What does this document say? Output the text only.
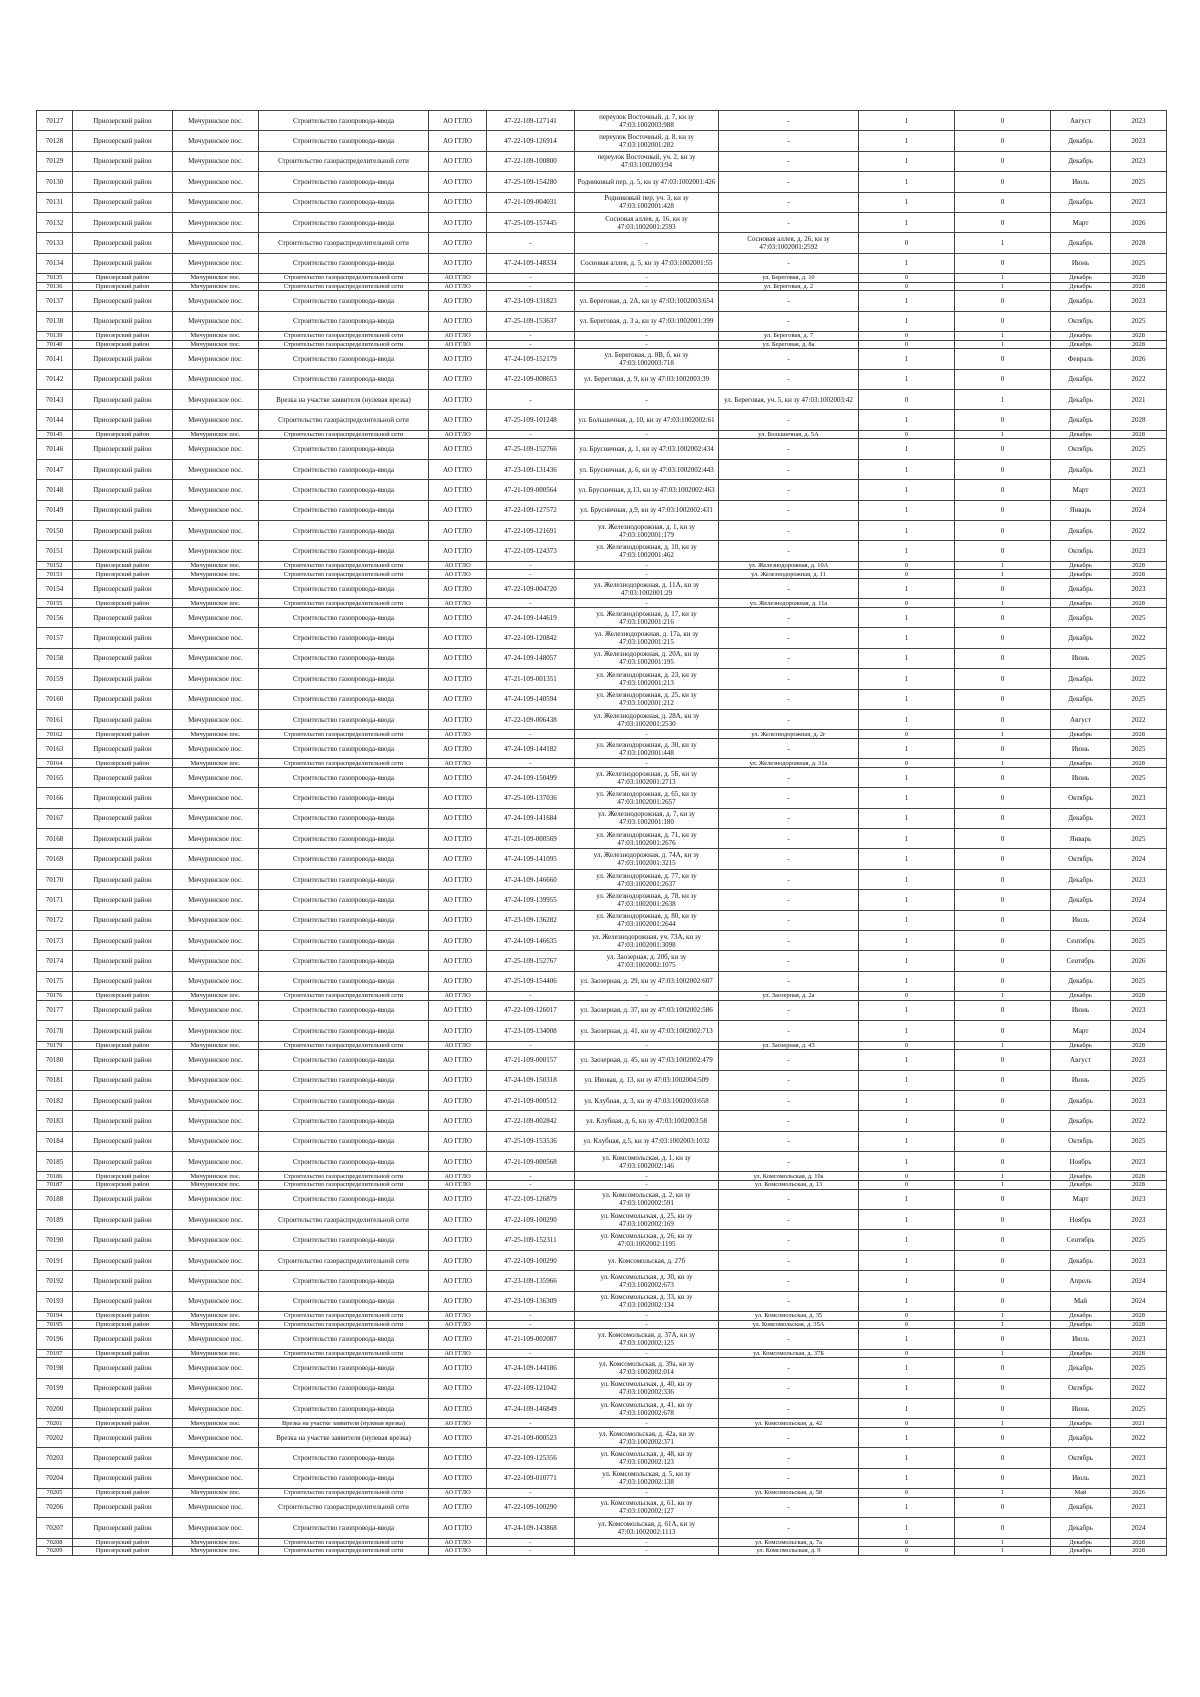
70127	Приозерский район	Мичуринское пос.	Строительство газопровода-ввода	АО ГГЛО	47-22-109-127141	переулок Восточный, д. 7, кн зу 47:03:1002003:988	-	1	0	Август	2023
70128	Приозерский район	Мичуринское пос.	Строительство газопровода-ввода	АО ГГЛО	47-22-109-126914	переулок Восточный, д. 8, кн зу 47:03:1002001:282	-	1	0	Декабрь	2023
70129	Приозерский район	Мичуринское пос.	Строительство газораспределительной сети	АО ГГЛО	47-22-109-100800	переулок Восточный, уч. 2, кн зу 47:03:1002003:94	-	1	0	Декабрь	2023
70130	Приозерский район	Мичуринское пос.	Строительство газопровода-ввода	АО ГГЛО	47-25-109-154280	Родниковый пер, д. 5, кн зу 47:03:1002001:426	-	1	0	Июль	2025
70131	Приозерский район	Мичуринское пос.	Строительство газопровода-ввода	АО ГГЛО	47-21-109-004031	Родниковый пер, уч. 3, кн зу 47:03:1002001:428	-	1	0	Декабрь	2023
70132	Приозерский район	Мичуринское пос.	Строительство газопровода-ввода	АО ГГЛО	47-25-109-157445	Сосновая аллея, д. 16, кн зу 47:03:1002001:2593	-	1	0	Март	2026
70133	Приозерский район	Мичуринское пос.	Строительство газораспределительной сети	АО ГГЛО	-	-	Сосновая аллея, д. 26, кн зу 47:03:1002001:2592	0	1	Декабрь	2028
70134	Приозерский район	Мичуринское пос.	Строительство газопровода-ввода	АО ГГЛО	47-24-109-148334	Сосновая аллея, д. 5, кн зу 47:03:1002001:55	-	1	0	Июнь	2025
70135	Приозерский район	Мичуринское пос.	Строительство газораспределительной сети	АО ГГЛО	-	-	ул. Береговая, д. 10	0	1	Декабрь	2028
70136	Приозерский район	Мичуринское пос.	Строительство газораспределительной сети	АО ГГЛО	-	-	ул. Береговая, д. 2	0	1	Декабрь	2028
70137	Приозерский район	Мичуринское пос.	Строительство газопровода-ввода	АО ГГЛО	47-23-109-131823	ул. Береговая, д. 2А, кн зу 47:03:1002003:654	-	1	0	Декабрь	2023
70138	Приозерский район	Мичуринское пос.	Строительство газопровода-ввода	АО ГГЛО	47-25-109-153637	ул. Береговая, д. 3 а, кн зу 47:03:1002001:399	-	1	0	Октябрь	2025
70139	Приозерский район	Мичуринское пос.	Строительство газораспределительной сети	АО ГГЛО	-	-	ул. Береговая, д. 7	0	1	Декабрь	2028
70140	Приозерский район	Мичуринское пос.	Строительство газораспределительной сети	АО ГГЛО	-	-	ул. Береговая, д. 8а	0	1	Декабрь	2028
70141	Приозерский район	Мичуринское пос.	Строительство газопровода-ввода	АО ГГЛО	47-24-109-152179	ул. Береговая, д. 8В, б, кн зу 47:03:1002003:718	-	1	0	Февраль	2026
70142	Приозерский район	Мичуринское пос.	Строительство газопровода-ввода	АО ГГЛО	47-22-109-008653	ул. Береговая, д. 9, кн зу 47:03:1002003:39	-	1	0	Декабрь	2022
70143	Приозерский район	Мичуринское пос.	Врезка на участке заявителя (нулевая врезка)	АО ГГЛО	-	-	ул. Береговая, уч. 5, кн зу 47:03:1002003:42	0	1	Декабрь	2021
70144	Приозерский район	Мичуринское пос.	Строительство газораспределительной сети	АО ГГЛО	47-25-109-101248	ул. Большичная, д. 10, кн зу 47:03:1002002:61	-	1	0	Декабрь	2028
70145	Приозерский район	Мичуринское пос.	Строительство газораспределительной сети	АО ГГЛО	-	-	ул. Большичная, д. 5А	0	1	Декабрь	2028
70146	Приозерский район	Мичуринское пос.	Строительство газопровода-ввода	АО ГГЛО	47-25-109-152766	ул. Брусничная, д. 1, кн зу 47:03:1002002:434	-	1	0	Октябрь	2025
70147	Приозерский район	Мичуринское пос.	Строительство газопровода-ввода	АО ГГЛО	47-23-109-131436	ул. Брусничная, д. 6, кн зу 47:03:1002002:443	-	1	0	Декабрь	2023
70148	Приозерский район	Мичуринское пос.	Строительство газопровода-ввода	АО ГГЛО	47-21-109-000564	ул. Брусничная, д.13, кн зу 47:03:1002002:463	-	1	0	Март	2023
70149	Приозерский район	Мичуринское пос.	Строительство газопровода-ввода	АО ГГЛО	47-22-109-127572	ул. Брусничная, д.9, кн зу 47:03:1002002:431	-	1	0	Январь	2024
70150	Приозерский район	Мичуринское пос.	Строительство газопровода-ввода	АО ГГЛО	47-22-109-121691	ул. Железнодорожная, д. 1, кн зу 47:03:1002001:179	-	1	0	Декабрь	2022
70151	Приозерский район	Мичуринское пос.	Строительство газопровода-ввода	АО ГГЛО	47-22-109-124373	ул. Железнодорожная, д. 10, кн зу 47:03:1002001:462	-	1	0	Октябрь	2023
70152	Приозерский район	Мичуринское пос.	Строительство газораспределительной сети	АО ГГЛО	-	-	ул. Железнодорожная, д. 10А	0	1	Декабрь	2028
70153	Приозерский район	Мичуринское пос.	Строительство газораспределительной сети	АО ГГЛО	-	-	ул. Железнодорожная, д. 11	0	1	Декабрь	2028
70154	Приозерский район	Мичуринское пос.	Строительство газопровода-ввода	АО ГГЛО	47-22-109-004720	ул. Железнодорожная, д. 11А, кн зу 47:03:1002001:29	-	1	0	Декабрь	2023
70155	Приозерский район	Мичуринское пос.	Строительство газораспределительной сети	АО ГГЛО	-	-	ул. Железнодорожная, д. 11а	0	1	Декабрь	2028
70156	Приозерский район	Мичуринское пос.	Строительство газопровода-ввода	АО ГГЛО	47-24-109-144619	ул. Железнодорожная, д. 17, кн зу 47:03:1002001:216	-	1	0	Декабрь	2025
70157	Приозерский район	Мичуринское пос.	Строительство газопровода-ввода	АО ГГЛО	47-22-109-120842	ул. Железнодорожная, д. 17а, кн зу 47:03:1002001:215	-	1	0	Декабрь	2022
70158	Приозерский район	Мичуринское пос.	Строительство газопровода-ввода	АО ГГЛО	47-24-109-148057	ул. Железнодорожная, д. 20А, кн зу 47:03:1002001:195	-	1	0	Июнь	2025
70159	Приозерский район	Мичуринское пос.	Строительство газопровода-ввода	АО ГГЛО	47-21-109-001351	ул. Железнодорожная, д. 23, кн зу 47:03:1002001:213	-	1	0	Декабрь	2022
70160	Приозерский район	Мичуринское пос.	Строительство газопровода-ввода	АО ГГЛО	47-24-109-140594	ул. Железнодорожная, д. 25, кн зу 47:03:1002001:212	-	1	0	Декабрь	2025
70161	Приозерский район	Мичуринское пос.	Строительство газопровода-ввода	АО ГГЛО	47-22-109-006438	ул. Железнодорожная, д. 28А, кн зу 47:03:1002001:2530	-	1	0	Август	2022
70162	Приозерский район	Мичуринское пос.	Строительство газораспределительной сети	АО ГГЛО	-	-	ул. Железнодорожная, д. 2г	0	1	Декабрь	2028
70163	Приозерский район	Мичуринское пос.	Строительство газопровода-ввода	АО ГГЛО	47-24-109-144182	ул. Железнодорожная, д. 30, кн зу 47:03:1002001:448	-	1	0	Июнь	2025
70164	Приозерский район	Мичуринское пос.	Строительство газораспределительной сети	АО ГГЛО	-	-	ул. Железнодорожная, д. 31а	0	1	Декабрь	2028
70165	Приозерский район	Мичуринское пос.	Строительство газопровода-ввода	АО ГГЛО	47-24-109-150499	ул. Железнодорожная, д. 5Б, кн зу 47:03:1002001:2713	-	1	0	Июнь	2025
70166	Приозерский район	Мичуринское пос.	Строительство газопровода-ввода	АО ГГЛО	47-25-109-137036	ул. Железнодорожная, д. 65, кн зу 47:03:1002001:2657	-	1	0	Октябрь	2023
70167	Приозерский район	Мичуринское пос.	Строительство газопровода-ввода	АО ГГЛО	47-24-109-141684	ул. Железнодорожная, д. 7, кн зу 47:03:1002001:180	-	1	0	Декабрь	2023
70168	Приозерский район	Мичуринское пос.	Строительство газопровода-ввода	АО ГГЛО	47-21-109-000569	ул. Железнодорожная, д. 71, кн зу 47:03:1002001:2676	-	1	0	Январь	2025
70169	Приозерский район	Мичуринское пос.	Строительство газопровода-ввода	АО ГГЛО	47-24-109-141095	ул. Железнодорожная, д. 74А, кн зу 47:03:1002001:3215	-	1	0	Октябрь	2024
70170	Приозерский район	Мичуринское пос.	Строительство газопровода-ввода	АО ГГЛО	47-24-109-146660	ул. Железнодорожная, д. 77, кн зу 47:03:1002001:2637	-	1	0	Декабрь	2023
70171	Приозерский район	Мичуринское пос.	Строительство газопровода-ввода	АО ГГЛО	47-24-109-139955	ул. Железнодорожная, д. 78, кн зу 47:03:1002001:2638	-	1	0	Декабрь	2024
70172	Приозерский район	Мичуринское пос.	Строительство газопровода-ввода	АО ГГЛО	47-23-109-136282	ул. Железнодорожная, д. 80, кн зу 47:03:1002001:2644	-	1	0	Июль	2024
70173	Приозерский район	Мичуринское пос.	Строительство газопровода-ввода	АО ГГЛО	47-24-109-146635	ул. Железнодорожная, уч. 73А, кн зу 47:03:1002001:3098	-	1	0	Сентябрь	2025
70174	Приозерский район	Мичуринское пос.	Строительство газопровода-ввода	АО ГГЛО	47-25-109-152767	ул. Заозерная, д. 20б, кн зу 47:03:1002002:1075	-	1	0	Сентябрь	2026
70175	Приозерский район	Мичуринское пос.	Строительство газопровода-ввода	АО ГГЛО	47-25-109-154406	ул. Заозерная, д. 29, кн зу 47:03:1002002:607	-	1	0	Декабрь	2025
70176	Приозерский район	Мичуринское пос.	Строительство газораспределительной сети	АО ГГЛО	-	-	ул. Заозерная, д. 2а	0	1	Декабрь	2028
70177	Приозерский район	Мичуринское пос.	Строительство газопровода-ввода	АО ГГЛО	47-22-109-126017	ул. Заозерная, д. 37, кн зу 47:03:1002002:586	-	1	0	Июнь	2023
70178	Приозерский район	Мичуринское пос.	Строительство газопровода-ввода	АО ГГЛО	47-23-109-134008	ул. Заозерная, д. 41, кн зу 47:03:1002002:713	-	1	0	Март	2024
70179	Приозерский район	Мичуринское пос.	Строительство газораспределительной сети	АО ГГЛО	-	-	ул. Заозерная, д. 43	0	1	Декабрь	2028
70180	Приозерский район	Мичуринское пос.	Строительство газопровода-ввода	АО ГГЛО	47-21-109-000157	ул. Заозерная, д. 45, кн зу 47:03:1002002:479	-	1	0	Август	2023
70181	Приозерский район	Мичуринское пос.	Строительство газопровода-ввода	АО ГГЛО	47-24-109-150318	ул. Ивовая, д. 13, кн зу 47:03:1002004:509	-	1	0	Июнь	2025
70182	Приозерский район	Мичуринское пос.	Строительство газопровода-ввода	АО ГГЛО	47-21-109-000512	ул. Клубная, д. 3, кн зу 47:03:1002003:658	-	1	0	Декабрь	2023
70183	Приозерский район	Мичуринское пос.	Строительство газопровода-ввода	АО ГГЛО	47-22-109-002842	ул. Клубная, д. 6, кн зу 47:03:1002003:58	-	1	0	Декабрь	2022
70184	Приозерский район	Мичуринское пос.	Строительство газопровода-ввода	АО ГГЛО	47-25-109-153536	ул. Клубная, д.5, кн зу 47:03:1002003:1032	-	1	0	Октябрь	2025
70185	Приозерский район	Мичуринское пос.	Строительство газопровода-ввода	АО ГГЛО	47-21-109-000568	ул. Комсомольская, д. 1, кн зу 47:03:1002002:146	-	1	0	Ноябрь	2023
70186	Приозерский район	Мичуринское пос.	Строительство газораспределительной сети	АО ГГЛО	-	-	ул. Комсомольская, д. 10а	0	1	Декабрь	2028
70187	Приозерский район	Мичуринское пос.	Строительство газораспределительной сети	АО ГГЛО	-	-	ул. Комсомольская, д. 13	0	1	Декабрь	2028
70188	Приозерский район	Мичуринское пос.	Строительство газопровода-ввода	АО ГГЛО	47-22-109-126879	ул. Комсомольская, д. 2, кн зу 47:03:1002002:591	-	1	0	Март	2023
70189	Приозерский район	Мичуринское пос.	Строительство газораспределительной сети	АО ГГЛО	47-22-109-100290	ул. Комсомольская, д. 25, кн зу 47:03:1002002:169	-	1	0	Ноябрь	2023
70190	Приозерский район	Мичуринское пос.	Строительство газопровода-ввода	АО ГГЛО	47-25-109-152311	ул. Комсомольская, д. 26, кн зу 47:03:1002002:1195	-	1	0	Сентябрь	2025
70191	Приозерский район	Мичуринское пос.	Строительство газораспределительной сети	АО ГГЛО	47-22-109-100290	ул. Комсомольская, д. 27б	-	1	0	Декабрь	2023
70192	Приозерский район	Мичуринское пос.	Строительство газопровода-ввода	АО ГГЛО	47-23-109-135966	ул. Комсомольская, д. 30, кн зу 47:03:1002002:673	-	1	0	Апрель	2024
70193	Приозерский район	Мичуринское пос.	Строительство газопровода-ввода	АО ГГЛО	47-23-109-136309	ул. Комсомольская, д. 33, кн зу 47:03:1002002:134	-	1	0	Май	2024
70194	Приозерский район	Мичуринское пос.	Строительство газораспределительной сети	АО ГГЛО	-	-	ул. Комсомольская, д. 35	0	1	Декабрь	2028
70195	Приозерский район	Мичуринское пос.	Строительство газораспределительной сети	АО ГГЛО	-	-	ул. Комсомольская, д. 35А	0	1	Декабрь	2028
70196	Приозерский район	Мичуринское пос.	Строительство газопровода-ввода	АО ГГЛО	47-21-109-002087	ул. Комсомольская, д. 37А, кн зу 47:03:1002002:125	-	1	0	Июль	2023
70197	Приозерский район	Мичуринское пос.	Строительство газораспределительной сети	АО ГГЛО	-	-	ул. Комсомольская, д. 37Б	0	1	Декабрь	2028
70198	Приозерский район	Мичуринское пос.	Строительство газопровода-ввода	АО ГГЛО	47-24-109-144186	ул. Комсомольская, д. 39а, кн зу 47:03:1002002:014	-	1	0	Декабрь	2025
70199	Приозерский район	Мичуринское пос.	Строительство газопровода-ввода	АО ГГЛО	47-22-109-121042	ул. Комсомольская, д. 40, кн зу 47:03:1002002:336	-	1	0	Октябрь	2022
70200	Приозерский район	Мичуринское пос.	Строительство газопровода-ввода	АО ГГЛО	47-24-109-146849	ул. Комсомольская, д. 41, кн зу 47:03:1002002:678	-	1	0	Июнь	2025
70201	Приозерский район	Мичуринское пос.	Врезка на участке заявителя (нулевая врезка)	АО ГГЛО	-	-	ул. Комсомольская, д. 42	0	1	Декабрь	2021
70202	Приозерский район	Мичуринское пос.	Врезка на участке заявителя (нулевая врезка)	АО ГГЛО	47-21-109-000523	ул. Комсомольская, д. 42а, кн зу 47:03:1002002:371	-	1	0	Декабрь	2022
70203	Приозерский район	Мичуринское пос.	Строительство газопровода-ввода	АО ГГЛО	47-22-109-125356	ул. Комсомольская, д. 48, кн зу 47:03:1002002:123	-	1	0	Октябрь	2023
70204	Приозерский район	Мичуринское пос.	Строительство газопровода-ввода	АО ГГЛО	47-22-109-010771	ул. Комсомольская, д. 5, кн зу 47:03:1002002:138	-	1	0	Июль	2023
70205	Приозерский район	Мичуринское пос.	Строительство газораспределительной сети	АО ГГЛО	-	-	ул. Комсомольская, д. 58	0	1	Май	2026
70206	Приозерский район	Мичуринское пос.	Строительство газораспределительной сети	АО ГГЛО	47-22-109-100290	ул. Комсомольская, д. 61, кн зу 47:03:1002002:127	-	1	0	Декабрь	2023
70207	Приозерский район	Мичуринское пос.	Строительство газопровода-ввода	АО ГГЛО	47-24-109-143868	ул. Комсомольская, д. 61А, кн зу 47:03:1002002:1113	-	1	0	Декабрь	2024
70208	Приозерский район	Мичуринское пос.	Строительство газораспределительной сети	АО ГГЛО	-	-	ул. Комсомольская, д. 7а	0	1	Декабрь	2028
70209	Приозерский район	Мичуринское пос.	Строительство газораспределительной сети	АО ГГЛО	-	-	ул. Комсомольская, д. 9	0	1	Декабрь	2028
